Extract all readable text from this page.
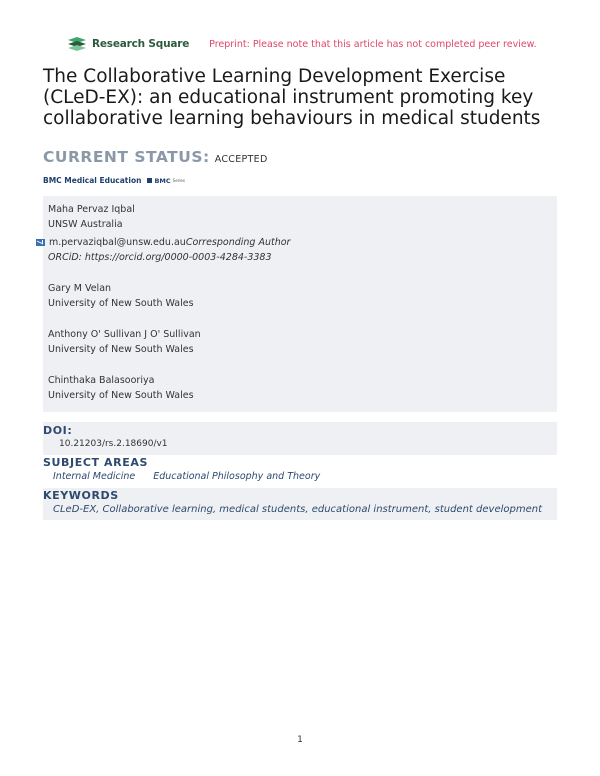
Research Square Preprint: Please note that this article has not completed peer review.
The Collaborative Learning Development Exercise (CLeD-EX): an educational instrument promoting key collaborative learning behaviours in medical students
CURRENT STATUS: ACCEPTED
BMC Medical Education BMC Series
Maha Pervaz Iqbal
UNSW Australia
m.pervaziqbal@unsw.edu.au Corresponding Author
ORCiD: https://orcid.org/0000-0003-4284-3383
Gary M Velan
University of New South Wales
Anthony O' Sullivan J O' Sullivan
University of New South Wales
Chinthaka Balasooriya
University of New South Wales
DOI:
10.21203/rs.2.18690/v1
SUBJECT AREAS
Internal Medicine Educational Philosophy and Theory
KEYWORDS
CLeD-EX, Collaborative learning, medical students, educational instrument, student development
1
